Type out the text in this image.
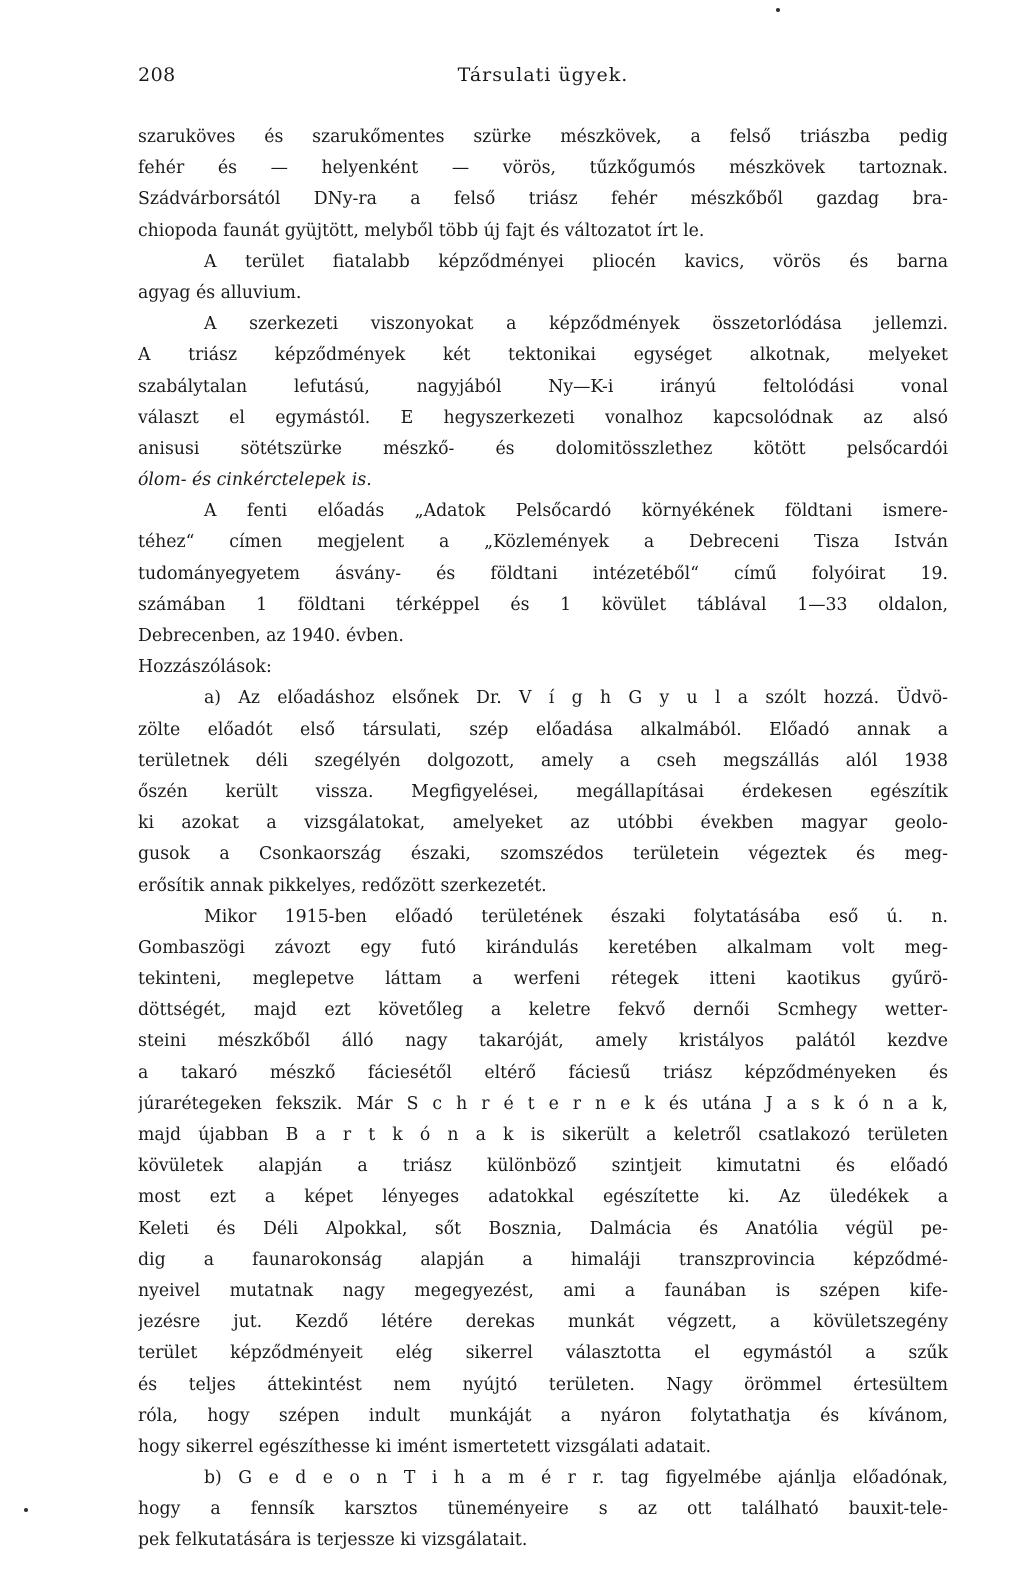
208	Társulati ügyek.
szaruköves és szarukőmentes szürke mészkövek, a felső triászba pedig
fehér és — helyenként — vörös, tűzkőgumós mészkövek tartoznak.
Szádvárborsától DNy-ra a felső triász fehér mészkőből gazdag bra-
chiopoda faunát gyüjtött, melyből több új fajt és változatot írt le.
A terület fiatalabb képződményei pliocén kavics, vörös és barna
agyag és alluvium.
A szerkezeti viszonyokat a képződmények összetorlódása jellemzi.
A triász képződmények két tektonikai egységet alkotnak, melyeket
szabálytalan lefutású, nagyjából Ny—K-i irányú feltolódási vonal
választ el egymástól. E hegyszerkezeti vonalhoz kapcsolódnak az alsó
anisusi sötétszürke mészkő- és dolomitösszlethez kötött pelsőcardói
ólom- és cinkércteleрek is.
A fenti előadás „Adatok Pelsőcardó környékének földtani ismere-
téhez“ címen megjelent a „Közlemények a Debreceni Tisza István
tudományegyetem ásvány- és földtani intézetéből“ című folyóirat 19.
számában 1 földtani térképpel és 1 kövület táblával 1—33 oldalon,
Debrecenben, az 1940. évben.
Hozzászólások:
a) Az előadáshoz elsőnek Dr. V í g h G y u l a szólt hozzá. Üdvö-
zölte előadót első társulati, szép előadása alkalmából. Előadó annak a
területnek déli szegélyén dolgozott, amely a cseh megszállás alól 1938
őszén került vissza. Megfigyelései, megállapításai érdekesen egészítik
ki azokat a vizsgálatokat, amelyeket az utóbbi években magyar geolo-
gusok a Csonkaország északi, szomszédos területein végeztek és meg-
erősítik annak pikkelyes, redőzött szerkezetét.
Mikor 1915-ben előadó területének északi folytatásába eső ú. n.
Gombaszögi závozt egy futó kirándulás keretében alkalmam volt meg-
tekinteni, meglepetve láttam a werfeni rétegek itteni kaotikus gyűrö-
döttségét, majd ezt követőleg a keletre fekvő dernői Scmhegy wetter-
steini mészkőből álló nagy takaróját, amely kristályos palától kezdve
a takaró mészkő fáciesétől eltérő fáciesű triász képződményeken és
júrarétegeken fekszik. Már S c h r é t e r n e k és utána J a s k ó n a k,
majd újabban B a r t k ó n a k is sikerült a keletről csatlakozó területen
kövületek alapján a triász különböző szintjeit kimutatni és előadó
most ezt a képet lényeges adatokkal egészítette ki. Az üledékek a
Keleti és Déli Alpokkal, sőt Bosznia, Dalmácia és Anatólia végül pe-
dig a faunarokonság alapján a himaláji transzprovincia képződmé-
nyeivel mutatnak nagy megegyezést, ami a faunában is szépen kife-
jezésre jut. Kezdő létére derekas munkát végzett, a kövületszegény
terület képződményeit elég sikerrel választotta el egymástól a szűk
és teljes áttekintést nem nyújtó területen. Nagy örömmel értesültem
róla, hogy szépen indult munkáját a nyáron folytathatja és kívánom,
hogy sikerrel egészíthesse ki imént ismertetett vizsgálati adatait.
b) G e d e o n T i h a m é r r. tag figyelmébe ajánlja előadónak,
hogy a fennsík karsztos tüneményeire s az ott található bauxit-tele-
pek felkutatására is terjessze ki vizsgálatait.
